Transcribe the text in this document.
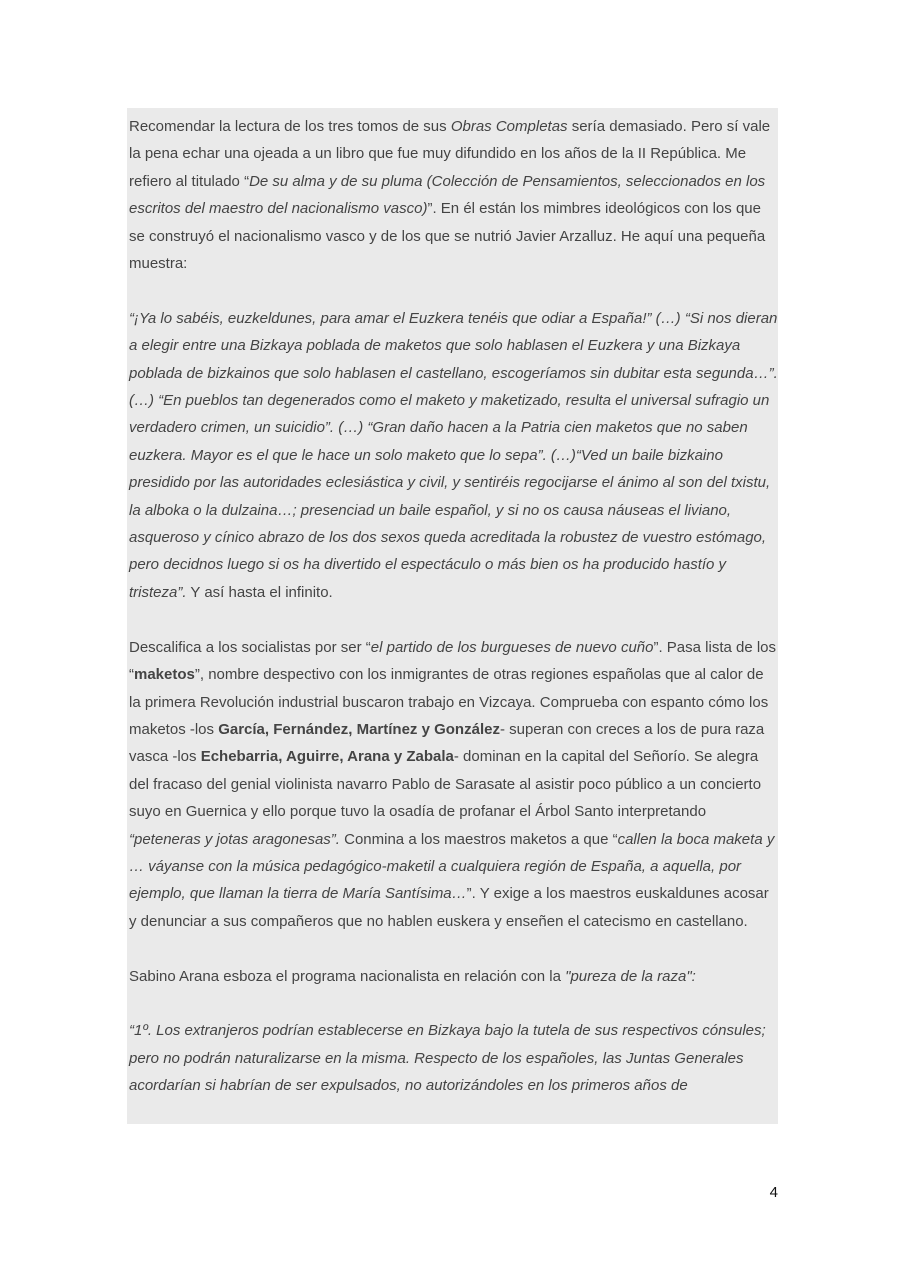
Recomendar la lectura de los tres tomos de sus Obras Completas sería demasiado. Pero sí vale la pena echar una ojeada a un libro que fue muy difundido en los años de la II República. Me refiero al titulado “De su alma y de su pluma (Colección de Pensamientos, seleccionados en los escritos del maestro del nacionalismo vasco)”. En él están los mimbres ideológicos con los que se construyó el nacionalismo vasco y de los que se nutrió Javier Arzalluz. He aquí una pequeña muestra:

“¡Ya lo sabéis, euzkeldunes, para amar el Euzkera tenéis que odiar a España!” (…) “Si nos dieran a elegir entre una Bizkaya poblada de maketos que solo hablasen el Euzkera y una Bizkaya poblada de bizkainos que solo hablasen el castellano, escogeríamos sin dubitar esta segunda…”. (…) “En pueblos tan degenerados como el maketo y maketizado, resulta el universal sufragio un verdadero crimen, un suicidio”. (…) “Gran daño hacen a la Patria cien maketos que no saben euzkera. Mayor es el que le hace un solo maketo que lo sepa”. (…)“Ved un baile bizkaino presidido por las autoridades eclesiástica y civil, y sentiréis regocijarse el ánimo al son del txistu, la alboka o la dulzaina…; presenciad un baile español, y si no os causa náuseas el liviano, asqueroso y cínico abrazo de los dos sexos queda acreditada la robustez de vuestro estómago, pero decidnos luego si os ha divertido el espectáculo o más bien os ha producido hastío y tristeza”. Y así hasta el infinito.

Descalifica a los socialistas por ser “el partido de los burgueses de nuevo cuño”. Pasa lista de los “maketos”, nombre despectivo con los inmigrantes de otras regiones españolas que al calor de la primera Revolución industrial buscaron trabajo en Vizcaya. Comprueba con espanto cómo los maketos -los García, Fernández, Martínez y González- superan con creces a los de pura raza vasca -los Echebarria, Aguirre, Arana y Zabala- dominan en la capital del Señorío. Se alegra del fracaso del genial violinista navarro Pablo de Sarasate al asistir poco público a un concierto suyo en Guernica y ello porque tuvo la osadía de profanar el Árbol Santo interpretando “peteneras y jotas aragonesas”. Conmina a los maestros maketos a que “callen la boca maketa y … váyanse con la música pedagógico-maketil a cualquiera región de España, a aquella, por ejemplo, que llaman la tierra de María Santísima…”. Y exige a los maestros euskaldunes acosar y denunciar a sus compañeros que no hablen euskera y enseñen el catecismo en castellano.

Sabino Arana esboza el programa nacionalista en relación con la "pureza de la raza":

“1º. Los extranjeros podrían establecerse en Bizkaya bajo la tutela de sus respectivos cónsules; pero no podrán naturalizarse en la misma. Respecto de los españoles, las Juntas Generales acordarían si habrían de ser expulsados, no autorizándoles en los primeros años de

4
